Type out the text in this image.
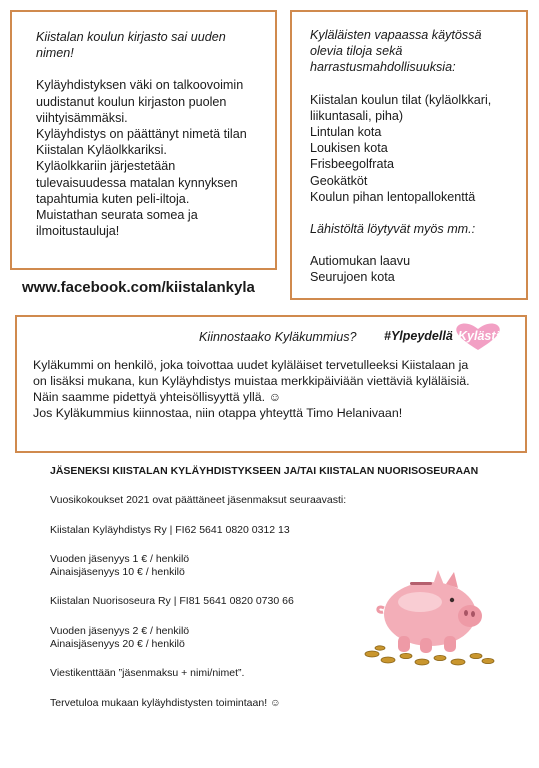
Kiistalan koulun kirjasto sai uuden
nimen!
Kyläyhdistyksen väki on talkoovoimin
uudistanut koulun kirjaston puolen
viihtyisämmäksi.
Kyläyhdistys on päättänyt nimetä tilan
Kiistalan Kyläolkkariksi.
Kyläolkkariin järjestetään
tulevaisuudessa matalan kynnyksen
tapahtumia kuten peli-iltoja.
Muistathan seurata somea ja
ilmoitustauluja!
Kyläläisten vapaassa käytössä
olevia tiloja sekä
harrastusmahdollisuuksia:
Kiistalan koulun tilat (kyläolkkari,
liikuntasali, piha)
Lintulan kota
Loukisen kota
Frisbeegolfrata
Geokätköt
Koulun pihan lentopallokenttä
Lähistöltä löytyvät myös mm.:
Autiomukan laavu
Seurujoen kota
www.facebook.com/kiistalankyla
Kiinnostaako Kyläkummius? #Ylpeydellä Kylästä
Kyläkummi on henkilö, joka toivottaa uudet kyläläiset tervetulleeksi Kiistalaan ja
on lisäksi mukana, kun Kyläyhdistys muistaa merkkipäiviään viettäviä kyläläisiä.
Näin saamme pidettyä yhteisöllisyyttä yllä. ☺
Jos Kyläkummius kiinnostaa, niin otappa yhteyttä Timo Helanivaan!
JÄSENEKSI KIISTALAN KYLÄYHDISTYKSEEN JA/TAI KIISTALAN NUORISOSEURAAN
Vuosikokoukset 2021 ovat päättäneet jäsenmaksut seuraavasti:
Kiistalan Kyläyhdistys Ry | FI62 5641 0820 0312 13
Vuoden jäsenyys 1 € / henkilö
Ainaisjäsenyys 10 € / henkilö
Kiistalan Nuorisoseura Ry | FI81 5641 0820 0730 66
Vuoden jäsenyys 2 € / henkilö
Ainaisjäsenyys 20 € / henkilö
Viestikenttään ”jäsenmaksu + nimi/nimet”.
Tervetuloa mukaan kyläyhdistysten toimintaan! ☺
